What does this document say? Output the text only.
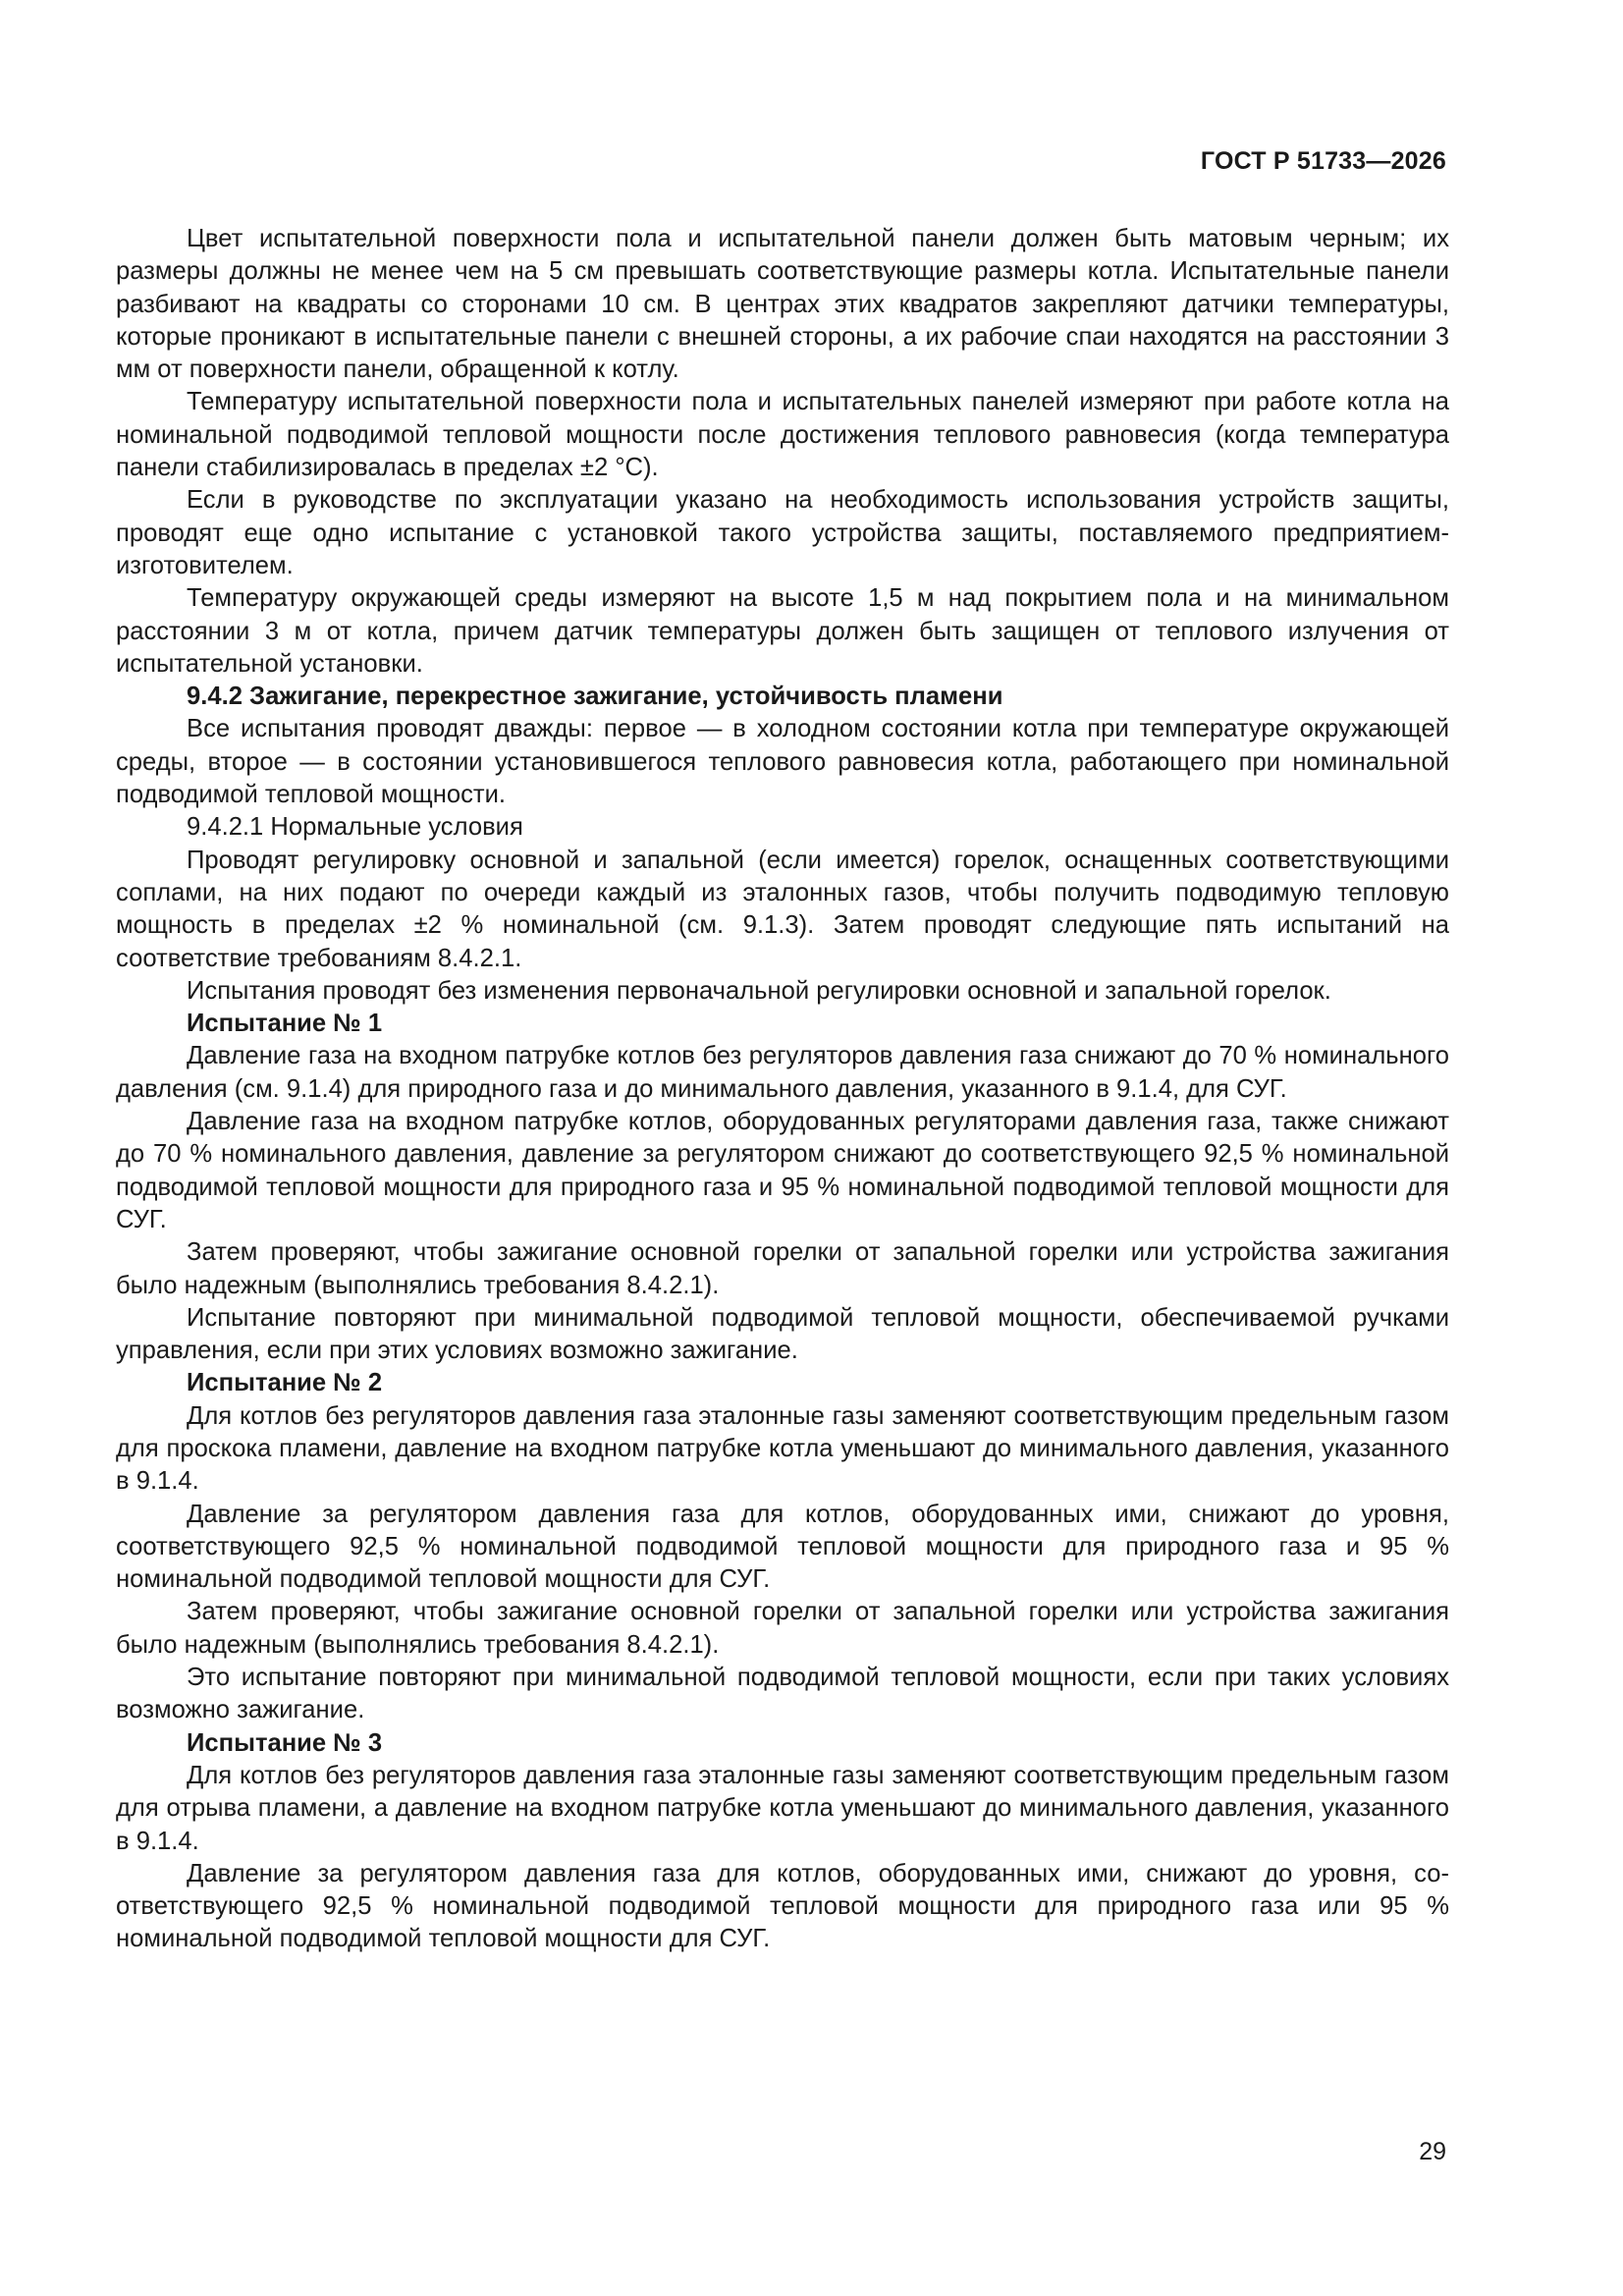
ГОСТ Р 51733—2026

Цвет испытательной поверхности пола и испытательной панели должен быть матовым черным; их размеры должны не менее чем на 5 см превышать соответствующие размеры котла. Испытательные панели разбивают на квадраты со сторонами 10 см. В центрах этих квадратов закрепляют датчики температуры, которые проникают в испытательные панели с внешней стороны, а их рабочие спаи находятся на расстоянии 3 мм от поверхности панели, обращенной к котлу.

Температуру испытательной поверхности пола и испытательных панелей измеряют при работе котла на номинальной подводимой тепловой мощности после достижения теплового равновесия (когда температура панели стабилизировалась в пределах ±2 °С).

Если в руководстве по эксплуатации указано на необходимость использования устройств защиты, проводят еще одно испытание с установкой такого устройства защиты, поставляемого предприятием-изготовителем.

Температуру окружающей среды измеряют на высоте 1,5 м над покрытием пола и на минимальном расстоянии 3 м от котла, причем датчик температуры должен быть защищен от теплового излучения от испытательной установки.

9.4.2 Зажигание, перекрестное зажигание, устойчивость пламени

Все испытания проводят дважды: первое — в холодном состоянии котла при температуре окружающей среды, второе — в состоянии установившегося теплового равновесия котла, работающего при номинальной подводимой тепловой мощности.

9.4.2.1 Нормальные условия

Проводят регулировку основной и запальной (если имеется) горелок, оснащенных соответствующими соплами, на них подают по очереди каждый из эталонных газов, чтобы получить подводимую тепловую мощность в пределах ±2 % номинальной (см. 9.1.3). Затем проводят следующие пять испытаний на соответствие требованиям 8.4.2.1.

Испытания проводят без изменения первоначальной регулировки основной и запальной горелок.

Испытание № 1

Давление газа на входном патрубке котлов без регуляторов давления газа снижают до 70 % номинального давления (см. 9.1.4) для природного газа и до минимального давления, указанного в 9.1.4, для СУГ.

Давление газа на входном патрубке котлов, оборудованных регуляторами давления газа, также снижают до 70 % номинального давления, давление за регулятором снижают до соответствующего 92,5 % номинальной подводимой тепловой мощности для природного газа и 95 % номинальной подводимой тепловой мощности для СУГ.

Затем проверяют, чтобы зажигание основной горелки от запальной горелки или устройства зажигания было надежным (выполнялись требования 8.4.2.1).

Испытание повторяют при минимальной подводимой тепловой мощности, обеспечиваемой ручками управления, если при этих условиях возможно зажигание.

Испытание № 2

Для котлов без регуляторов давления газа эталонные газы заменяют соответствующим предельным газом для проскока пламени, давление на входном патрубке котла уменьшают до минимального давления, указанного в 9.1.4.

Давление за регулятором давления газа для котлов, оборудованных ими, снижают до уровня, соответствующего 92,5 % номинальной подводимой тепловой мощности для природного газа и 95 % номинальной подводимой тепловой мощности для СУГ.

Затем проверяют, чтобы зажигание основной горелки от запальной горелки или устройства зажигания было надежным (выполнялись требования 8.4.2.1).

Это испытание повторяют при минимальной подводимой тепловой мощности, если при таких условиях возможно зажигание.

Испытание № 3

Для котлов без регуляторов давления газа эталонные газы заменяют соответствующим предельным газом для отрыва пламени, а давление на входном патрубке котла уменьшают до минимального давления, указанного в 9.1.4.

Давление за регулятором давления газа для котлов, оборудованных ими, снижают до уровня, соответствующего 92,5 % номинальной подводимой тепловой мощности для природного газа или 95 % номинальной подводимой тепловой мощности для СУГ.

29
